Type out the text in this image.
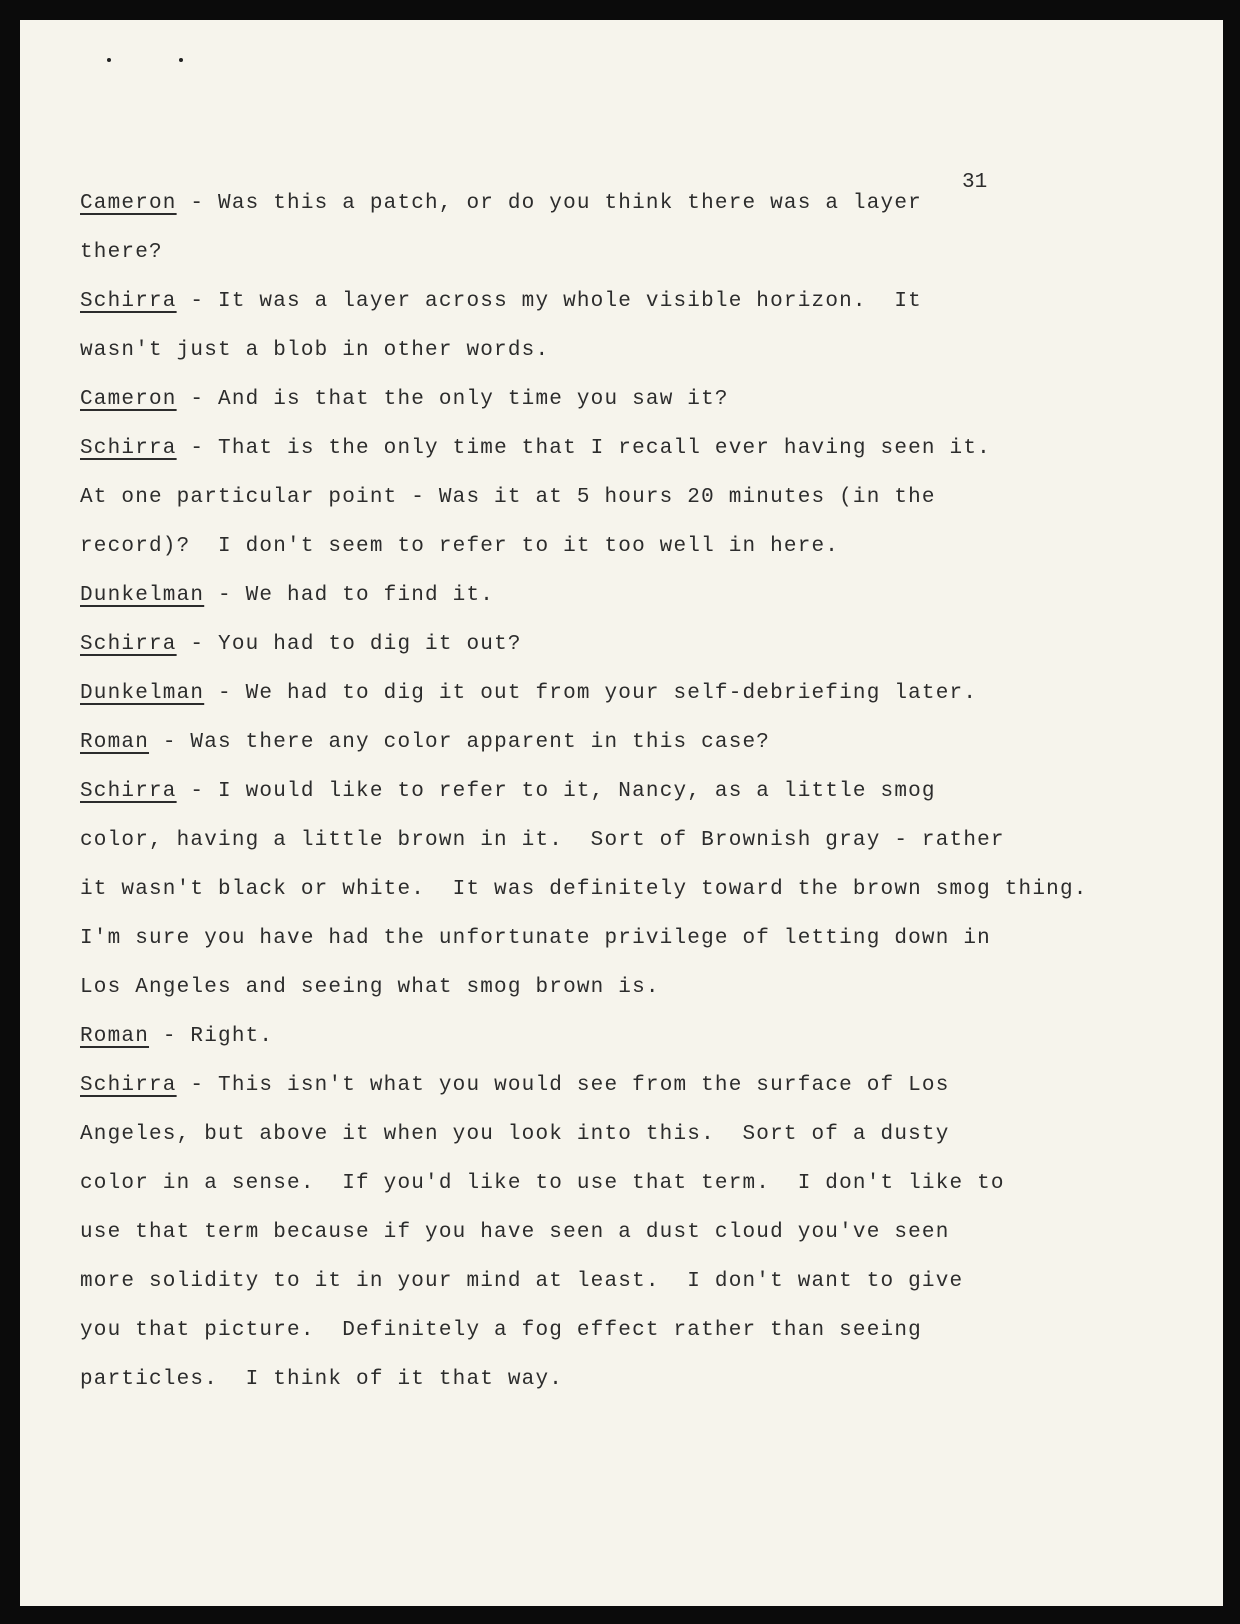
31
Cameron - Was this a patch, or do you think there was a layer
there?
Schirra - It was a layer across my whole visible horizon.  It
wasn't just a blob in other words.
Cameron - And is that the only time you saw it?
Schirra - That is the only time that I recall ever having seen it.
At one particular point - Was it at 5 hours 20 minutes (in the
record)?  I don't seem to refer to it too well in here.
Dunkelman - We had to find it.
Schirra - You had to dig it out?
Dunkelman - We had to dig it out from your self-debriefing later.
Roman - Was there any color apparent in this case?
Schirra - I would like to refer to it, Nancy, as a little smog
color, having a little brown in it.  Sort of Brownish gray - rather
it wasn't black or white.  It was definitely toward the brown smog thing.
I'm sure you have had the unfortunate privilege of letting down in
Los Angeles and seeing what smog brown is.
Roman - Right.
Schirra - This isn't what you would see from the surface of Los
Angeles, but above it when you look into this.  Sort of a dusty
color in a sense.  If you'd like to use that term.  I don't like to
use that term because if you have seen a dust cloud you've seen
more solidity to it in your mind at least.  I don't want to give
you that picture.  Definitely a fog effect rather than seeing
particles.  I think of it that way.
